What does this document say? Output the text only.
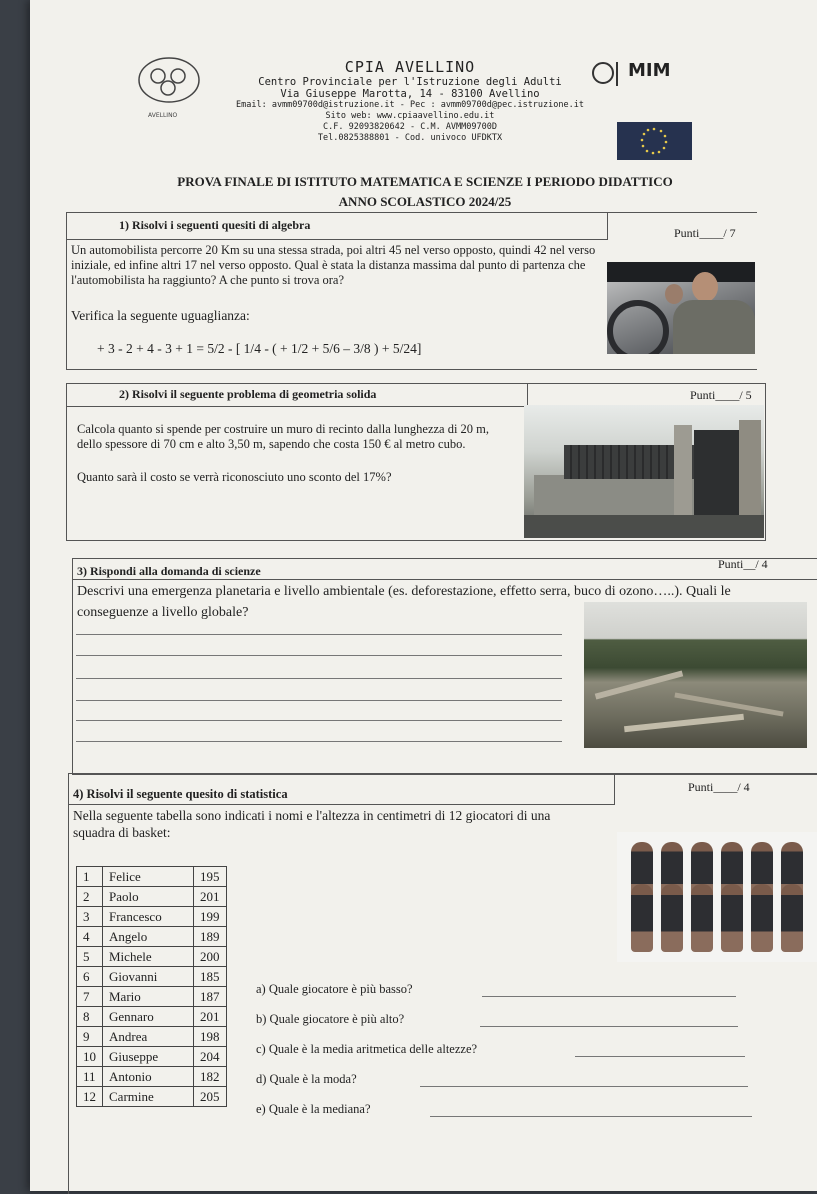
AVELLINO
CPIA AVELLINO
Centro Provinciale per l'Istruzione degli Adulti
Via Giuseppe Marotta, 14 - 83100 Avellino
Email: avmm09700d@istruzione.it - Pec : avmm09700d@pec.istruzione.it
Sito web: www.cpiaavellino.edu.it
C.F. 92093820642 - C.M. AVMM09700D
Tel.0825388801 - Cod. univoco UFDKTX
MIM
PROVA FINALE DI ISTITUTO MATEMATICA E SCIENZE I PERIODO DIDATTICO
ANNO SCOLASTICO 2024/25
1) Risolvi i seguenti quesiti di algebra
Un automobilista percorre 20 Km su una stessa strada, poi altri 45 nel verso opposto, quindi 42 nel verso iniziale, ed infine altri 17 nel verso opposto. Qual è stata la distanza massima dal punto di partenza che l'automobilista ha raggiunto? A che punto si trova ora?
Verifica la seguente uguaglianza:
+ 3 - 2 + 4 - 3 + 1 = 5/2 - [ 1/4 - ( + 1/2 + 5/6 – 3/8 ) + 5/24]
Punti____/ 7
2) Risolvi il seguente problema di geometria solida
Calcola quanto si spende per costruire un muro di recinto dalla lunghezza di 20 m, dello spessore di 70 cm e alto 3,50 m, sapendo che costa 150 € al metro cubo.
Quanto sarà il costo se verrà riconosciuto uno sconto del 17%?
Punti____/ 5
3) Rispondi alla domanda di scienze
Descrivi una emergenza planetaria e livello ambientale (es. deforestazione, effetto serra, buco di ozono…..). Quali le conseguenze a livello globale?
Punti__/ 4
4) Risolvi il seguente quesito di statistica
Nella seguente tabella sono indicati i nomi e l'altezza in centimetri di 12 giocatori di una squadra di basket:
Punti____/ 4
1	Felice	195
2	Paolo	201
3	Francesco	199
4	Angelo	189
5	Michele	200
6	Giovanni	185
7	Mario	187
8	Gennaro	201
9	Andrea	198
10	Giuseppe	204
11	Antonio	182
12	Carmine	205
a) Quale giocatore è più basso?
b) Quale giocatore è più alto?
c) Quale è la media aritmetica delle altezze?
d) Quale è la moda?
e) Quale è la mediana?
